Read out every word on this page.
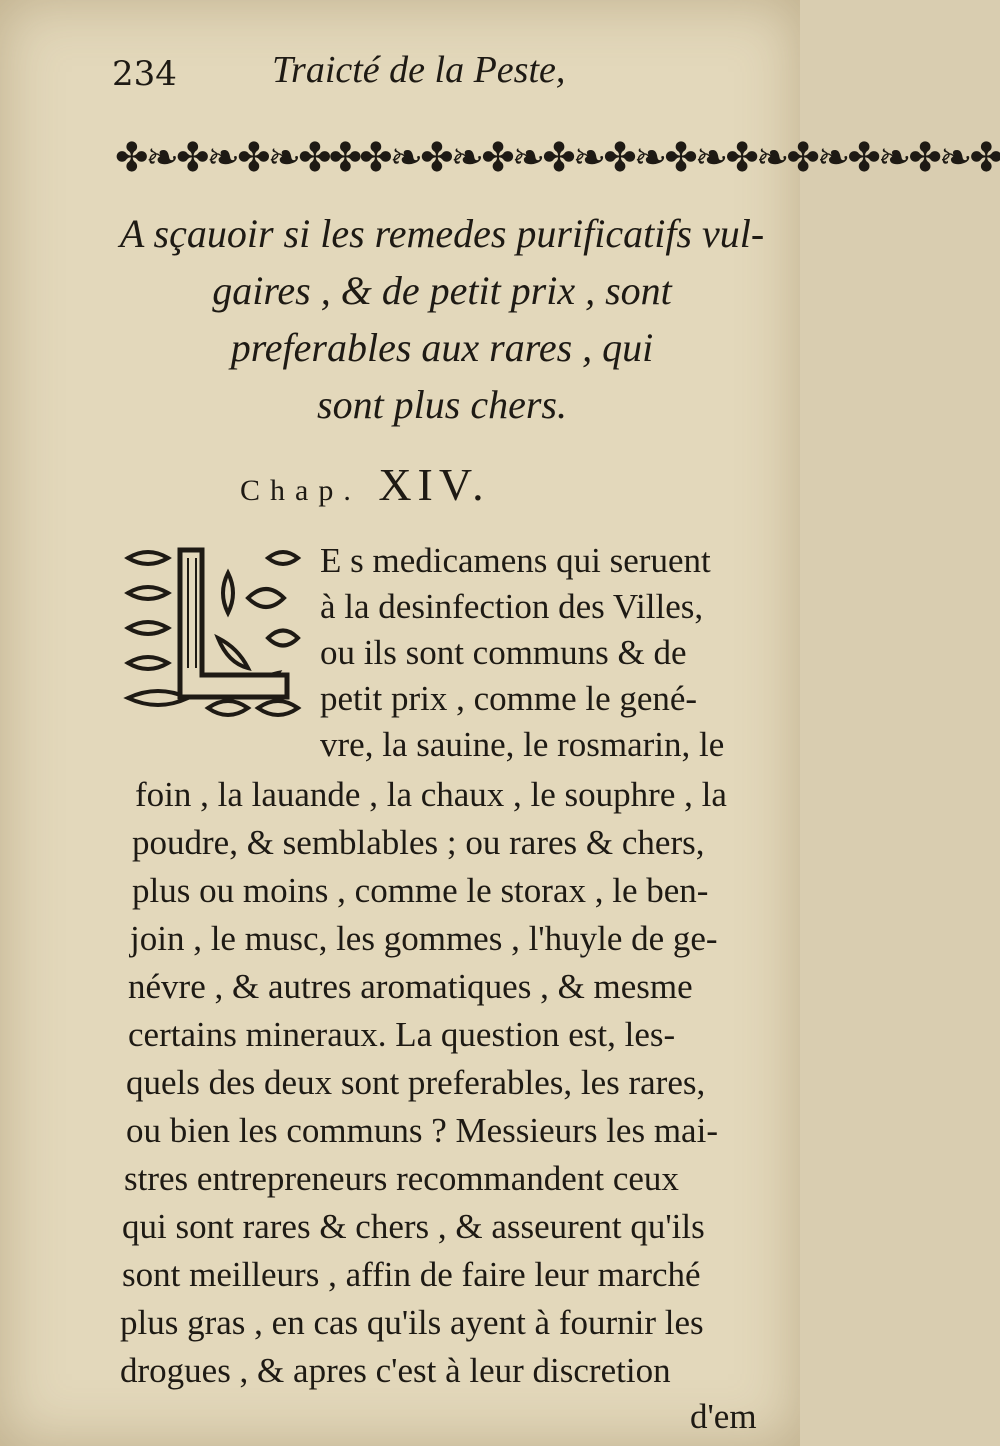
234	Traicté de la Peste,
✤❧✤❧✤❧✤✤✤❧✤❧✤❧✤❧✤❧✤❧✤❧✤❧✤❧✤❧✤
A sçauoir si les remedes purificatifs vul-
gaires , & de petit prix , sont
preferables aux rares , qui
sont plus chers.
Chap. XIV.
E s medicamens qui seruent
à la desinfection des Villes,
ou ils sont communs & de
petit prix , comme le gené-
vre, la sauine, le rosmarin, le
foin , la lauande , la chaux , le souphre , la
poudre, & semblables ; ou rares & chers,
plus ou moins , comme le storax , le ben-
join , le musc, les gommes , l'huyle de ge-
névre , & autres aromatiques , & mesme
certains mineraux. La question est, les-
quels des deux sont preferables, les rares,
ou bien les communs ? Messieurs les mai-
stres entrepreneurs recommandent ceux
qui sont rares & chers , & asseurent qu'ils
sont meilleurs , affin de faire leur marché
plus gras , en cas qu'ils ayent à fournir les
drogues , & apres c'est à leur discretion
d'em
